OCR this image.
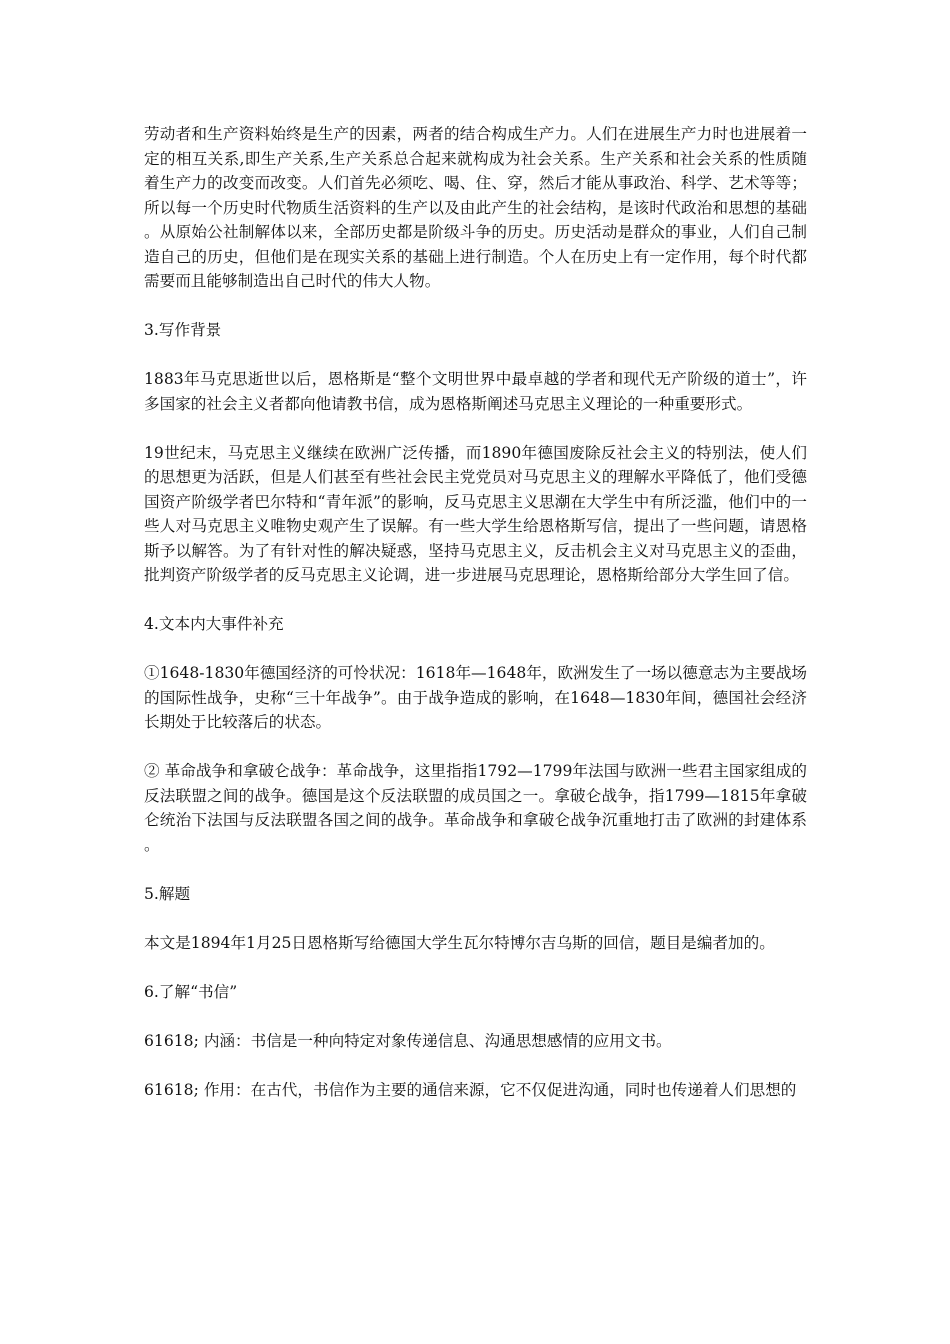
劳动者和生产资料始终是生产的因素，两者的结合构成生产力。人们在进展生产力时也进展着一定的相互关系,即生产关系,生产关系总合起来就构成为社会关系。生产关系和社会关系的性质随着生产力的改变而改变。人们首先必须吃、喝、住、穿，然后才能从事政治、科学、艺术等等；所以每一个历史时代物质生活资料的生产以及由此产生的社会结构，是该时代政治和思想的基础。从原始公社制解体以来，全部历史都是阶级斗争的历史。历史活动是群众的事业，人们自己制造自己的历史，但他们是在现实关系的基础上进行制造。个人在历史上有一定作用，每个时代都需要而且能够制造出自己时代的伟大人物。

3.写作背景

1883年马克思逝世以后，恩格斯是“整个文明世界中最卓越的学者和现代无产阶级的道士”，许多国家的社会主义者都向他请教书信，成为恩格斯阐述马克思主义理论的一种重要形式。

19世纪末，马克思主义继续在欧洲广泛传播，而1890年德国废除反社会主义的特别法，使人们的思想更为活跃，但是人们甚至有些社会民主党党员对马克思主义的理解水平降低了，他们受德国资产阶级学者巴尔特和“青年派”的影响，反马克思主义思潮在大学生中有所泛滥，他们中的一些人对马克思主义唯物史观产生了误解。有一些大学生给恩格斯写信，提出了一些问题，请恩格斯予以解答。为了有针对性的解决疑惑，坚持马克思主义，反击机会主义对马克思主义的歪曲，批判资产阶级学者的反马克思主义论调，进一步进展马克思理论，恩格斯给部分大学生回了信。

4.文本内大事件补充

①1648-1830年德国经济的可怜状况：1618年—1648年，欧洲发生了一场以德意志为主要战场的国际性战争，史称“三十年战争”。由于战争造成的影响，在1648—1830年间，德国社会经济长期处于比较落后的状态。

② 革命战争和拿破仑战争：革命战争，这里指指1792—1799年法国与欧洲一些君主国家组成的反法联盟之间的战争。德国是这个反法联盟的成员国之一。拿破仑战争，指1799—1815年拿破仑统治下法国与反法联盟各国之间的战争。革命战争和拿破仑战争沉重地打击了欧洲的封建体系。

5.解题

本文是1894年1月25日恩格斯写给德国大学生瓦尔特博尔吉乌斯的回信，题目是编者加的。

6.了解“书信”

61618; 内涵：书信是一种向特定对象传递信息、沟通思想感情的应用文书。

61618; 作用：在古代，书信作为主要的通信来源，它不仅促进沟通，同时也传递着人们思想的
